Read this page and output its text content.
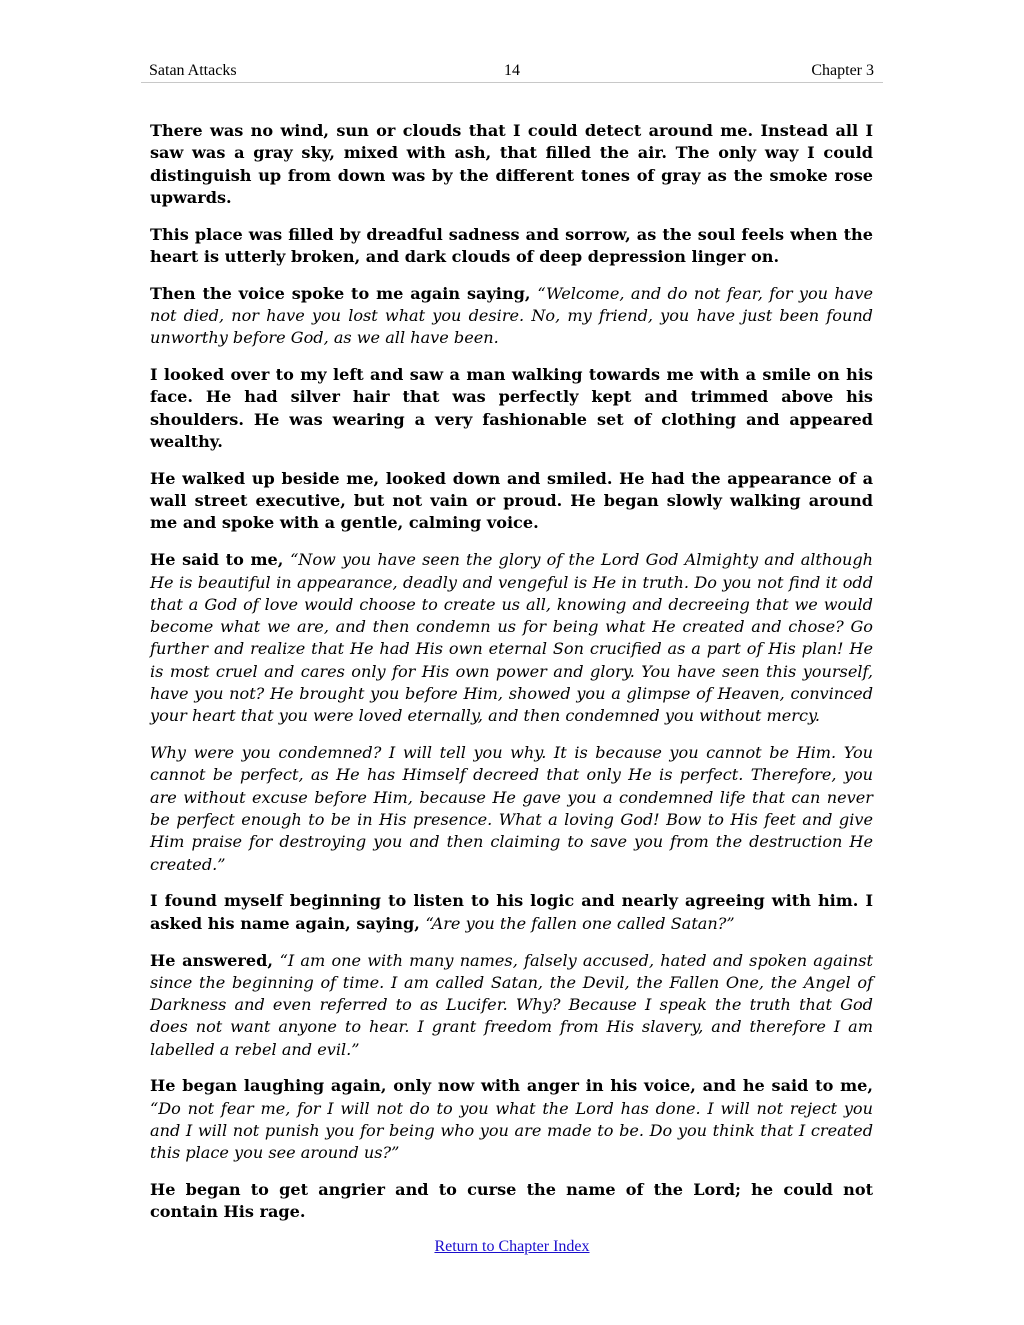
Satan Attacks	14	Chapter 3

There was no wind, sun or clouds that I could detect around me. Instead all I saw was a gray sky, mixed with ash, that filled the air. The only way I could distinguish up from down was by the different tones of gray as the smoke rose upwards.

This place was filled by dreadful sadness and sorrow, as the soul feels when the heart is utterly broken, and dark clouds of deep depression linger on.

Then the voice spoke to me again saying, “Welcome, and do not fear, for you have not died, nor have you lost what you desire. No, my friend, you have just been found unworthy before God, as we all have been.

I looked over to my left and saw a man walking towards me with a smile on his face. He had silver hair that was perfectly kept and trimmed above his shoulders. He was wearing a very fashionable set of clothing and appeared wealthy.

He walked up beside me, looked down and smiled. He had the appearance of a wall street executive, but not vain or proud. He began slowly walking around me and spoke with a gentle, calming voice.

He said to me, “Now you have seen the glory of the Lord God Almighty and although He is beautiful in appearance, deadly and vengeful is He in truth. Do you not find it odd that a God of love would choose to create us all, knowing and decreeing that we would become what we are, and then condemn us for being what He created and chose? Go further and realize that He had His own eternal Son crucified as a part of His plan! He is most cruel and cares only for His own power and glory. You have seen this yourself, have you not? He brought you before Him, showed you a glimpse of Heaven, convinced your heart that you were loved eternally, and then condemned you without mercy.

Why were you condemned? I will tell you why. It is because you cannot be Him. You cannot be perfect, as He has Himself decreed that only He is perfect. Therefore, you are without excuse before Him, because He gave you a condemned life that can never be perfect enough to be in His presence. What a loving God! Bow to His feet and give Him praise for destroying you and then claiming to save you from the destruction He created.”

I found myself beginning to listen to his logic and nearly agreeing with him. I asked his name again, saying, “Are you the fallen one called Satan?”

He answered, “I am one with many names, falsely accused, hated and spoken against since the beginning of time. I am called Satan, the Devil, the Fallen One, the Angel of Darkness and even referred to as Lucifer. Why? Because I speak the truth that God does not want anyone to hear. I grant freedom from His slavery, and therefore I am labelled a rebel and evil.”

He began laughing again, only now with anger in his voice, and he said to me, “Do not fear me, for I will not do to you what the Lord has done. I will not reject you and I will not punish you for being who you are made to be. Do you think that I created this place you see around us?”

He began to get angrier and to curse the name of the Lord; he could not contain His rage.

Return to Chapter Index
